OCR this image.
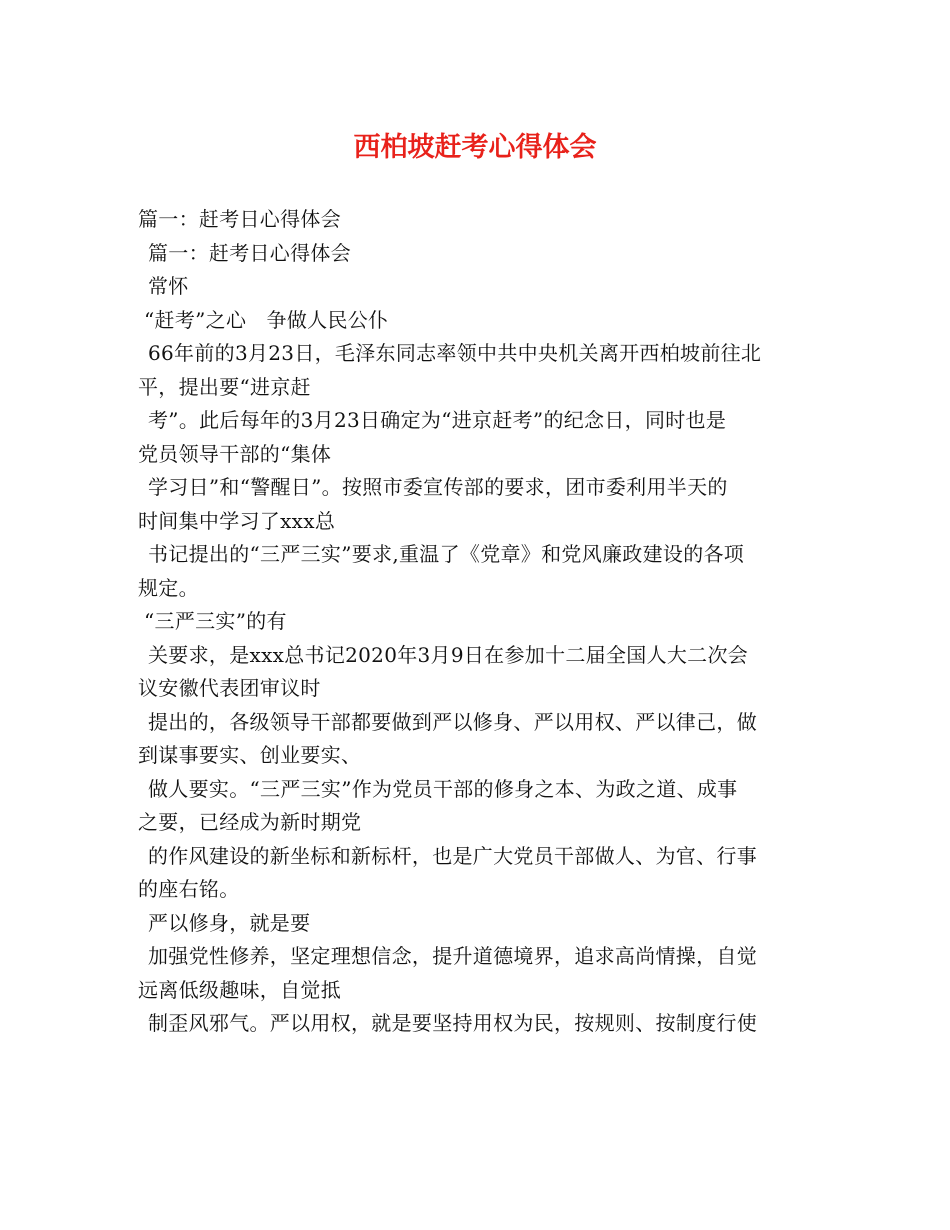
西柏坡赶考心得体会
篇一：赶考日心得体会
篇一：赶考日心得体会
常怀
“赶考”之心　争做人民公仆
66年前的3月23日，毛泽东同志率领中共中央机关离开西柏坡前往北
平，提出要“进京赶
考”。此后每年的3月23日确定为“进京赶考”的纪念日，同时也是
党员领导干部的“集体
学习日”和“警醒日”。按照市委宣传部的要求，团市委利用半天的
时间集中学习了xxx总
书记提出的“三严三实”要求,重温了《党章》和党风廉政建设的各项
规定。
“三严三实”的有
关要求，是xxx总书记2020年3月9日在参加十二届全国人大二次会
议安徽代表团审议时
提出的，各级领导干部都要做到严以修身、严以用权、严以律己，做
到谋事要实、创业要实、
做人要实。“三严三实”作为党员干部的修身之本、为政之道、成事
之要，已经成为新时期党
的作风建设的新坐标和新标杆，也是广大党员干部做人、为官、行事
的座右铭。
严以修身，就是要
加强党性修养，坚定理想信念，提升道德境界，追求高尚情操，自觉
远离低级趣味，自觉抵
制歪风邪气。严以用权，就是要坚持用权为民，按规则、按制度行使
